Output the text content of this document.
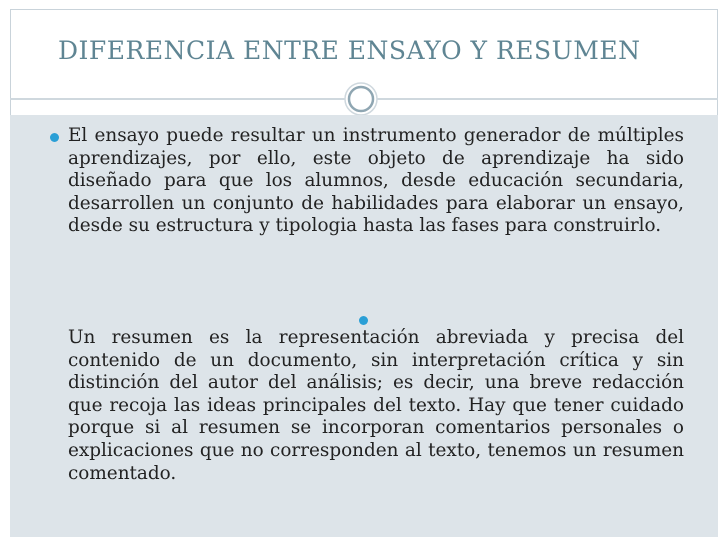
DIFERENCIA ENTRE ENSAYO Y RESUMEN
El ensayo puede resultar un instrumento generador de múltiples aprendizajes, por ello, este objeto de aprendizaje ha sido diseñado para que los alumnos, desde educación secundaria, desarrollen un conjunto de habilidades para elaborar un ensayo, desde su estructura y tipologia hasta las fases para construirlo.
Un resumen es la representación abreviada y precisa del contenido de un documento, sin interpretación crítica y sin distinción del autor del análisis; es decir, una breve redacción que recoja las ideas principales del texto. Hay que tener cuidado porque si al resumen se incorporan comentarios personales o explicaciones que no corresponden al texto, tenemos un resumen comentado.
